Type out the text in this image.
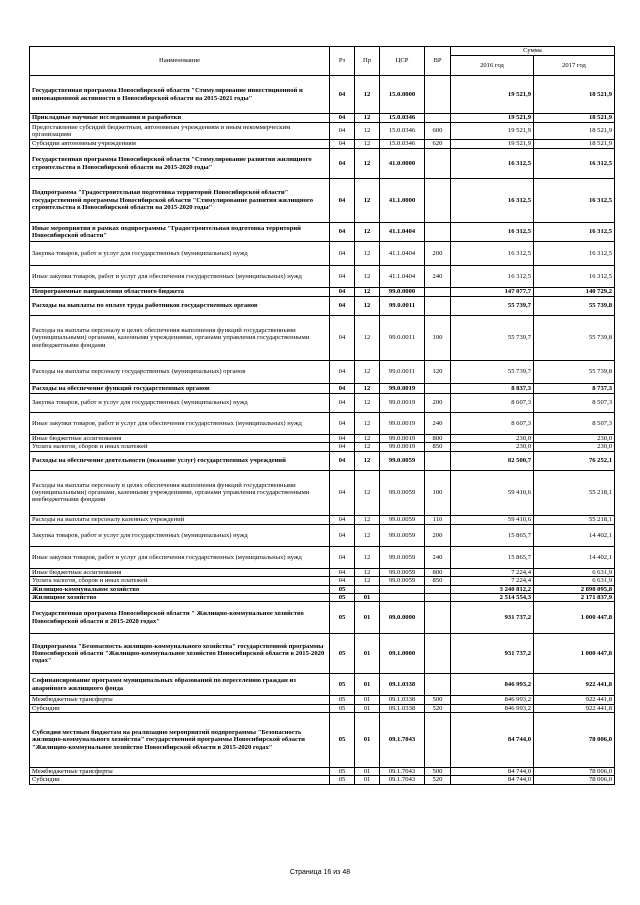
Наименование	Рз	Пр	ЦСР	ВР	Сумма	
					2016 год	2017 год
Государственная программа Новосибирской области "Стимулирование инвестиционной и инновационной активности в Новосибирской области на 2015-2021 годы"	04	12	15.0.0000		19 521,9	18 521,9
Прикладные научные исследования и разработки	04	12	15.0.0346		19 521,9	18 521,9
Предоставление субсидий бюджетным, автономным учреждениям и иным некоммерческим организациям	04	12	15.0.0346	600	19 521,9	18 521,9
Субсидии автономным учреждениям	04	12	15.0.0346	620	19 521,9	18 521,9
Государственная программа Новосибирской области "Стимулирование развития жилищного строительства в Новосибирской области на 2015-2020 годы"	04	12	41.0.0000		16 312,5	16 312,5
Подпрограмма "Градостроительная подготовка территорий Новосибирской области" государственной программы Новосибирской области "Стимулирование развития жилищного строительства в Новосибирской области на 2015-2020 годы"	04	12	41.1.0000		16 312,5	16 312,5
Иные мероприятия в рамках подпрограммы "Градостроительная подготовка территорий Новосибирской области"	04	12	41.1.0404		16 312,5	16 312,5
Закупка товаров, работ и услуг для государственных (муниципальных) нужд	04	12	41.1.0404	200	16 312,5	16 312,5
Иные закупки товаров, работ и услуг для обеспечения государственных (муниципальных) нужд	04	12	41.1.0404	240	16 312,5	16 312,5
Непрограммные направления областного бюджета	04	12	99.0.0000		147 077,7	140 729,2
Расходы на выплаты по оплате труда работников государственных органов	04	12	99.0.0011		55 739,7	55 739,8
Расходы на выплаты персоналу в целях обеспечения выполнения функций государственными (муниципальными) органами, казенными учреждениями, органами управления государственными внебюджетными фондами	04	12	99.0.0011	100	55 739,7	55 739,8
Расходы на выплаты персоналу государственных (муниципальных) органов	04	12	99.0.0011	120	55 739,7	55 739,8
Расходы на обеспечение функций государственных органов	04	12	99.0.0019		8 837,3	8 737,3
Закупка товаров, работ и услуг для государственных (муниципальных) нужд	04	12	99.0.0019	200	8 607,3	8 507,3
Иные закупки товаров, работ и услуг для обеспечения государственных (муниципальных) нужд	04	12	99.0.0019	240	8 607,3	8 507,3
Иные бюджетные ассигнования	04	12	99.0.0019	800	230,0	230,0
Уплата налогов, сборов и иных платежей	04	12	99.0.0019	850	230,0	230,0
Расходы на обеспечение деятельности (оказание услуг) государственных учреждений	04	12	99.0.0059		82 500,7	76 252,1
Расходы на выплаты персоналу в целях обеспечения выполнения функций государственными (муниципальными) органами, казенными учреждениями, органами управления государственными внебюджетными фондами	04	12	99.0.0059	100	59 410,6	55 218,1
Расходы на выплаты персоналу казенных учреждений	04	12	99.0.0059	110	59 410,6	55 218,1
Закупка товаров, работ и услуг для государственных (муниципальных) нужд	04	12	99.0.0059	200	15 865,7	14 402,1
Иные закупки товаров, работ и услуг для обеспечения государственных (муниципальных) нужд	04	12	99.0.0059	240	15 865,7	14 402,1
Иные бюджетные ассигнования	04	12	99.0.0059	800	7 224,4	6 631,9
Уплата налогов, сборов и иных платежей	04	12	99.0.0059	850	7 224,4	6 631,9
Жилищно-коммунальное хозяйство	05				3 240 812,2	2 898 095,8
Жилищное хозяйство	05	01			2 514 554,3	2 171 837,9
Государственная программа Новосибирской области " Жилищно-коммунальное хозяйство Новосибирской области в 2015-2020 годах"	05	01	09.0.0000		931 737,2	1 000 447,8
Подпрограмма "Безопасность жилищно-коммунального хозяйства" государственной программы Новосибирской области "Жилищно-коммунальное хозяйство Новосибирской области в 2015-2020 годах"	05	01	09.1.0000		931 737,2	1 000 447,8
Софинансирование программ муниципальных образований по переселению граждан из аварийного жилищного фонда	05	01	09.1.0338		846 993,2	922 441,8
Межбюджетные трансферты	05	01	09.1.0338	500	846 993,2	922 441,8
Субсидии	05	01	09.1.0338	520	846 993,2	922 441,8
Субсидии местным бюджетам на реализацию мероприятий подпрограммы "Безопасность жилищно-коммунального хозяйства" государственной программы Новосибирской области "Жилищно-коммунальное хозяйство Новосибирской области в 2015-2020 годах"	05	01	09.1.7043		84 744,0	78 006,0
Межбюджетные трансферты	05	01	09.1.7043	500	84 744,0	78 006,0
Субсидии	05	01	09.1.7043	520	84 744,0	78 006,0
Страница 16 из 48
